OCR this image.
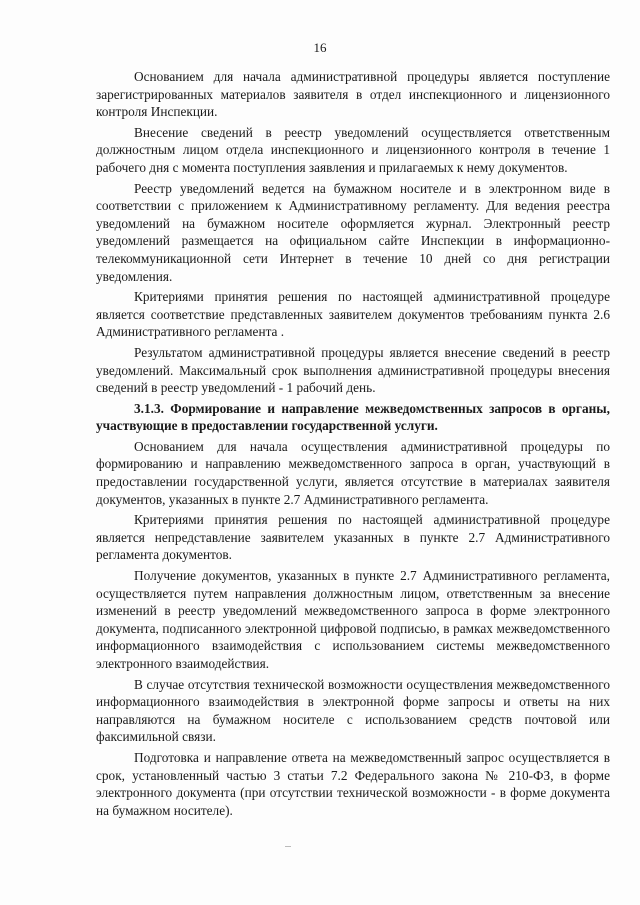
16

Основанием для начала административной процедуры является поступление зарегистрированных материалов заявителя в отдел инспекционного и лицензионного контроля Инспекции.

Внесение сведений в реестр уведомлений осуществляется ответственным должностным лицом отдела инспекционного и лицензионного контроля в течение 1 рабочего дня с момента поступления заявления и прилагаемых к нему документов.

Реестр уведомлений ведется на бумажном носителе и в электронном виде в соответствии с приложением к Административному регламенту. Для ведения реестра уведомлений на бумажном носителе оформляется журнал. Электронный реестр уведомлений размещается на официальном сайте Инспекции в информационно-телекоммуникационной сети Интернет в течение 10 дней со дня регистрации уведомления.

Критериями принятия решения по настоящей административной процедуре является соответствие представленных заявителем документов требованиям пункта 2.6 Административного регламента .

Результатом административной процедуры является внесение сведений в реестр уведомлений. Максимальный срок выполнения административной процедуры внесения сведений в реестр уведомлений - 1 рабочий день.

3.1.3. Формирование и направление межведомственных запросов в органы, участвующие в предоставлении государственной услуги.

Основанием для начала осуществления административной процедуры по формированию и направлению межведомственного запроса в орган, участвующий в предоставлении государственной услуги, является отсутствие в материалах заявителя документов, указанных в пункте 2.7 Административного регламента.

Критериями принятия решения по настоящей административной процедуре является непредставление заявителем указанных в пункте 2.7 Административного регламента документов.

Получение документов, указанных в пункте 2.7 Административного регламента, осуществляется путем направления должностным лицом, ответственным за внесение изменений в реестр уведомлений межведомственного запроса в форме электронного документа, подписанного электронной цифровой подписью, в рамках межведомственного информационного взаимодействия с использованием системы межведомственного электронного взаимодействия.

В случае отсутствия технической возможности осуществления межведомственного информационного взаимодействия в электронной форме запросы и ответы на них направляются на бумажном носителе с использованием средств почтовой или факсимильной связи.

Подготовка и направление ответа на межведомственный запрос осуществляется в срок, установленный частью 3 статьи 7.2 Федерального закона № 210-ФЗ, в форме электронного документа (при отсутствии технической возможности - в форме документа на бумажном носителе).
